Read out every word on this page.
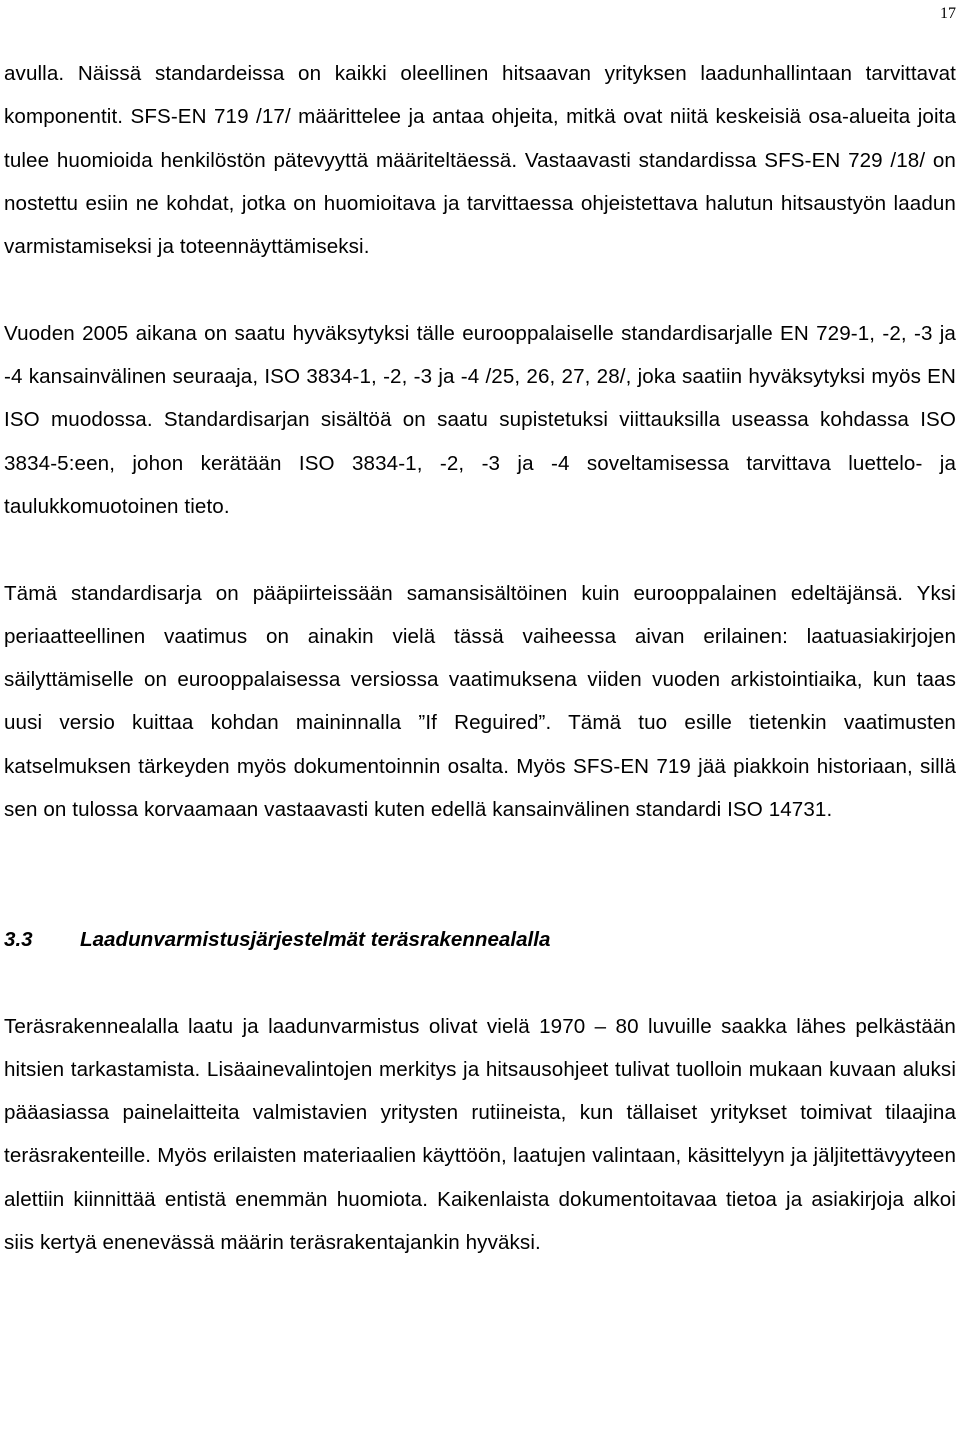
17

avulla. Näissä standardeissa on kaikki oleellinen hitsaavan yrityksen laadunhallintaan tarvittavat komponentit. SFS-EN 719 /17/ määrittelee ja antaa ohjeita, mitkä ovat niitä keskeisiä osa-alueita joita tulee huomioida henkilöstön pätevyyttä määriteltäessä. Vastaavasti standardissa SFS-EN 729 /18/ on nostettu esiin ne kohdat, jotka on huomioitava ja tarvittaessa ohjeistettava halutun hitsaustyön laadun varmistamiseksi ja toteennäyttämiseksi.

Vuoden 2005 aikana on saatu hyväksytyksi tälle eurooppalaiselle standardisarjalle EN 729-1, -2, -3 ja -4 kansainvälinen seuraaja, ISO 3834-1, -2, -3 ja -4 /25, 26, 27, 28/, joka saatiin hyväksytyksi myös EN ISO muodossa. Standardisarjan sisältöä on saatu supistetuksi viittauksilla useassa kohdassa ISO 3834-5:een, johon kerätään ISO 3834-1, -2, -3 ja -4 soveltamisessa tarvittava luettelo- ja taulukkomuotoinen tieto.

Tämä standardisarja on pääpiirteissään samansisältöinen kuin eurooppalainen edeltäjänsä. Yksi periaatteellinen vaatimus on ainakin vielä tässä vaiheessa aivan erilainen: laatuasiakirjojen säilyttämiselle on eurooppalaisessa versiossa vaatimuksena viiden vuoden arkistointiaika, kun taas uusi versio kuittaa kohdan maininnalla ”If Reguired”. Tämä tuo esille tietenkin vaatimusten katselmuksen tärkeyden myös dokumentoinnin osalta. Myös SFS-EN 719 jää piakkoin historiaan, sillä sen on tulossa korvaamaan vastaavasti kuten edellä kansainvälinen standardi ISO 14731.

3.3 Laadunvarmistusjärjestelmät teräsrakennealalla

Teräsrakennealalla laatu ja laadunvarmistus olivat vielä 1970 – 80 luvuille saakka lähes pelkästään hitsien tarkastamista. Lisäainevalintojen merkitys ja hitsausohjeet tulivat tuolloin mukaan kuvaan aluksi pääasiassa painelaitteita valmistavien yritysten rutiineista, kun tällaiset yritykset toimivat tilaajina teräsrakenteille. Myös erilaisten materiaalien käyttöön, laatujen valintaan, käsittelyyn ja jäljitettävyyteen alettiin kiinnittää entistä enemmän huomiota. Kaikenlaista dokumentoitavaa tietoa ja asiakirjoja alkoi siis kertyä enenevässä määrin teräsrakentajankin hyväksi.
